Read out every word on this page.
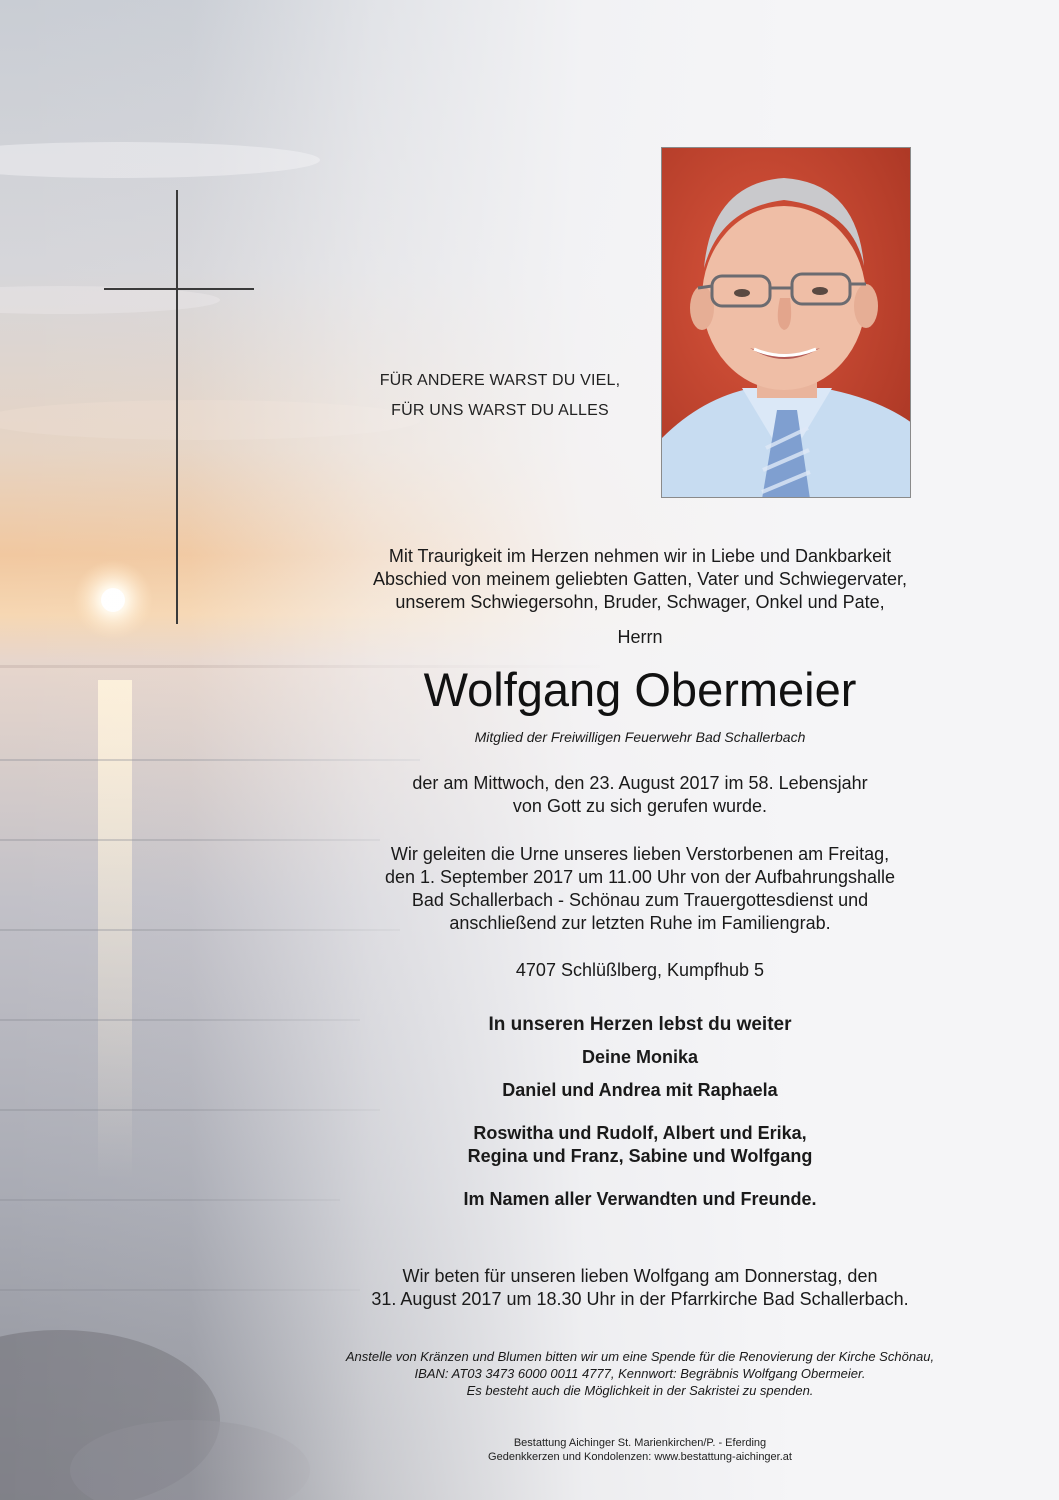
FÜR ANDERE WARST DU VIEL,
FÜR UNS WARST DU ALLES
Mit Traurigkeit im Herzen nehmen wir in Liebe und Dankbarkeit
Abschied von meinem geliebten Gatten, Vater und Schwiegervater,
unserem Schwiegersohn, Bruder, Schwager, Onkel und Pate,
Herrn
Wolfgang Obermeier
Mitglied der Freiwilligen Feuerwehr Bad Schallerbach
der am Mittwoch, den 23. August 2017 im 58. Lebensjahr
von Gott zu sich gerufen wurde.
Wir geleiten die Urne unseres lieben Verstorbenen am Freitag,
den 1. September 2017 um 11.00 Uhr von der Aufbahrungshalle
Bad Schallerbach - Schönau zum Trauergottesdienst und
anschließend zur letzten Ruhe im Familiengrab.
4707 Schlüßlberg, Kumpfhub 5
In unseren Herzen lebst du weiter
Deine Monika
Daniel und Andrea mit Raphaela
Roswitha und Rudolf, Albert und Erika,
Regina und Franz, Sabine und Wolfgang
Im Namen aller Verwandten und Freunde.
Wir beten für unseren lieben Wolfgang am Donnerstag, den
31. August 2017 um 18.30 Uhr in der Pfarrkirche Bad Schallerbach.
Anstelle von Kränzen und Blumen bitten wir um eine Spende für die Renovierung der Kirche Schönau,
IBAN: AT03 3473 6000 0011 4777, Kennwort: Begräbnis Wolfgang Obermeier.
Es besteht auch die Möglichkeit in der Sakristei zu spenden.
Bestattung Aichinger St. Marienkirchen/P. - Eferding
Gedenkkerzen und Kondolenzen: www.bestattung-aichinger.at
